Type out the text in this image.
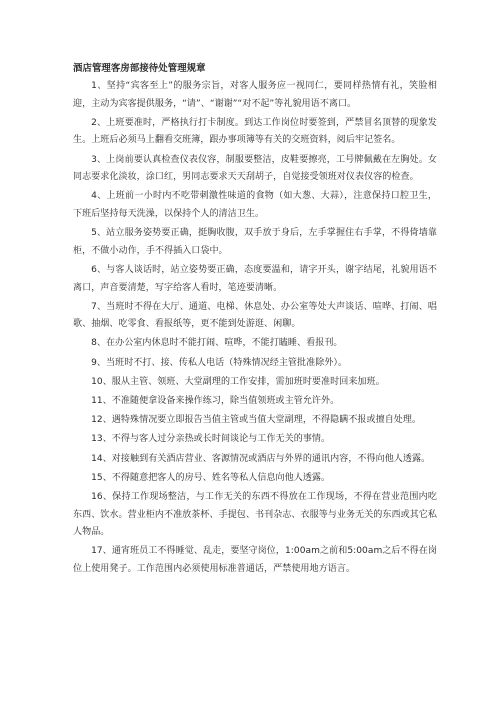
酒店管理客房部接待处管理规章

1、坚持“宾客至上”的服务宗旨，对客人服务应一视同仁，要同样热情有礼，笑脸相迎，主动为宾客提供服务，“请”、“谢谢”“对不起”等礼貌用语不离口。

2、上班要准时，严格执行打卡制度。到达工作岗位时要签到，严禁冒名顶替的现象发生。上班后必须马上翻看交班簿，跟办事项簿等有关的交班资料，阅后牢记签名。

3、上岗前要认真检查仪表仪容，制服要整洁，皮鞋要擦亮，工号牌佩戴在左胸处。女同志要求化淡妆，涂口红，男同志要求天天刮胡子，自觉接受领班对仪表仪容的检查。

4、上班前一小时内不吃带刺激性味道的食物（如大葱、大蒜），注意保持口腔卫生，下班后坚持每天洗澡，以保持个人的清洁卫生。

5、站立服务姿势要正确，挺胸收腹，双手放于身后，左手掌握住右手掌，不得倚墙靠柜，不做小动作，手不得插入口袋中。

6、与客人谈话时，站立姿势要正确，态度要温和，请字开头，谢字结尾，礼貌用语不离口，声音要清楚，写字给客人看时，笔迹要清晰。

7、当班时不得在大厅、通道、电梯、休息处、办公室等处大声谈话、喧哗、打闹、唱歌、抽烟、吃零食、看报纸等，更不能到处游逛、闲聊。

8、在办公室内休息时不能打闹、喧哗，不能打瞌睡、看报刊。

9、当班时不打、接、传私人电话（特殊情况经主管批准除外）。

10、服从主管、领班、大堂副理的工作安排，需加班时要准时回来加班。

11、不准随便拿设备来操作练习，除当值领班或主管允许外。

12、遇特殊情况要立即报告当值主管或当值大堂副理，不得隐瞒不报或擅自处理。

13、不得与客人过分亲热或长时间谈论与工作无关的事情。

14、对接触到有关酒店营业、客源情况或酒店与外界的通讯内容，不得向他人透露。

15、不得随意把客人的房号、姓名等私人信息向他人透露。

16、保持工作现场整洁，与工作无关的东西不得放在工作现场，不得在营业范围内吃东西、饮水。营业柜内不准放茶杯、手提包、书刊杂志、衣服等与业务无关的东西或其它私人物品。

17、通宵班员工不得睡觉、乱走，要坚守岗位，1:00am之前和5:00am之后不得在岗位上使用凳子。工作范围内必须使用标准普通话，严禁使用地方语言。
